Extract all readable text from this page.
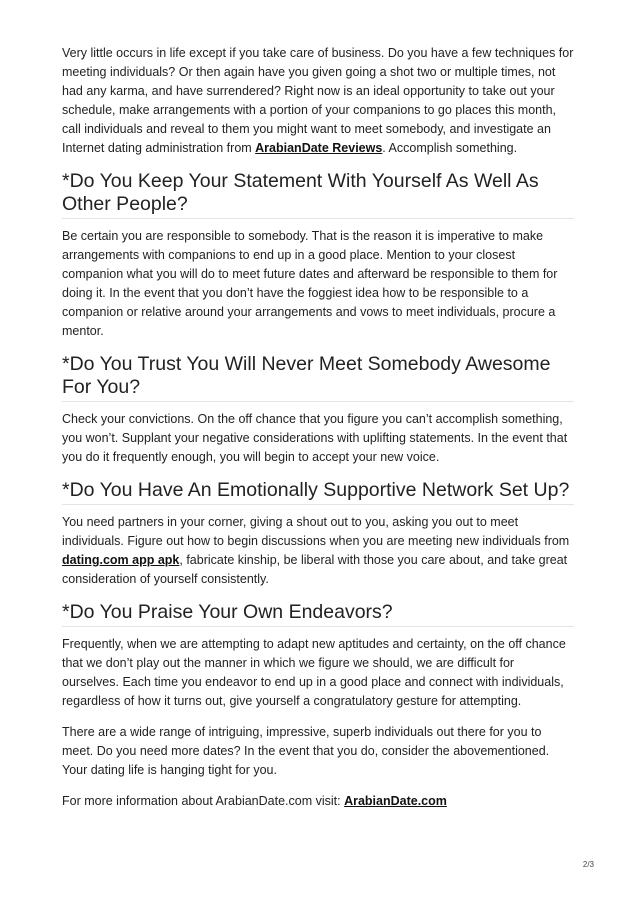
Very little occurs in life except if you take care of business. Do you have a few techniques for meeting individuals? Or then again have you given going a shot two or multiple times, not had any karma, and have surrendered? Right now is an ideal opportunity to take out your schedule, make arrangements with a portion of your companions to go places this month, call individuals and reveal to them you might want to meet somebody, and investigate an Internet dating administration from ArabianDate Reviews. Accomplish something.

*Do You Keep Your Statement With Yourself As Well As Other People?

Be certain you are responsible to somebody. That is the reason it is imperative to make arrangements with companions to end up in a good place. Mention to your closest companion what you will do to meet future dates and afterward be responsible to them for doing it. In the event that you don’t have the foggiest idea how to be responsible to a companion or relative around your arrangements and vows to meet individuals, procure a mentor.

*Do You Trust You Will Never Meet Somebody Awesome For You?

Check your convictions. On the off chance that you figure you can’t accomplish something, you won’t. Supplant your negative considerations with uplifting statements. In the event that you do it frequently enough, you will begin to accept your new voice.

*Do You Have An Emotionally Supportive Network Set Up?

You need partners in your corner, giving a shout out to you, asking you out to meet individuals. Figure out how to begin discussions when you are meeting new individuals from dating.com app apk, fabricate kinship, be liberal with those you care about, and take great consideration of yourself consistently.

*Do You Praise Your Own Endeavors?

Frequently, when we are attempting to adapt new aptitudes and certainty, on the off chance that we don’t play out the manner in which we figure we should, we are difficult for ourselves. Each time you endeavor to end up in a good place and connect with individuals, regardless of how it turns out, give yourself a congratulatory gesture for attempting.

There are a wide range of intriguing, impressive, superb individuals out there for you to meet. Do you need more dates? In the event that you do, consider the abovementioned. Your dating life is hanging tight for you.

For more information about ArabianDate.com visit: ArabianDate.com

2/3
